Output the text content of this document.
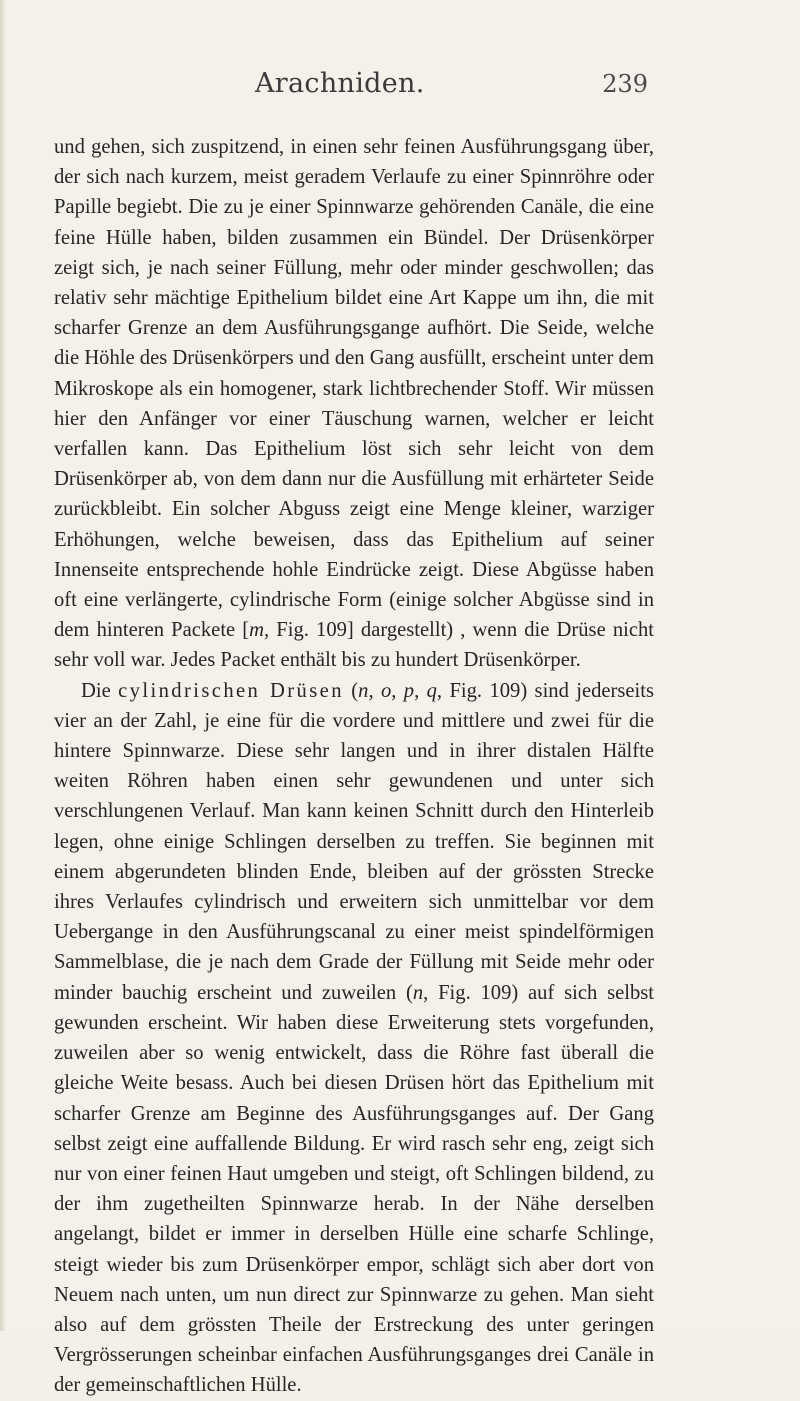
Arachniden.	239

und gehen, sich zuspitzend, in einen sehr feinen Ausführungsgang über, der sich nach kurzem, meist geradem Verlaufe zu einer Spinnröhre oder Papille begiebt. Die zu je einer Spinnwarze gehörenden Canäle, die eine feine Hülle haben, bilden zusammen ein Bündel. Der Drüsenkörper zeigt sich, je nach seiner Füllung, mehr oder minder geschwollen; das relativ sehr mächtige Epithelium bildet eine Art Kappe um ihn, die mit scharfer Grenze an dem Ausführungsgange aufhört. Die Seide, welche die Höhle des Drüsenkörpers und den Gang ausfüllt, erscheint unter dem Mikroskope als ein homogener, stark lichtbrechender Stoff. Wir müssen hier den Anfänger vor einer Täuschung warnen, welcher er leicht verfallen kann. Das Epithelium löst sich sehr leicht von dem Drüsenkörper ab, von dem dann nur die Ausfüllung mit erhärteter Seide zurückbleibt. Ein solcher Abguss zeigt eine Menge kleiner, warziger Erhöhungen, welche beweisen, dass das Epithelium auf seiner Innenseite entsprechende hohle Eindrücke zeigt. Diese Abgüsse haben oft eine verlängerte, cylindrische Form (einige solcher Abgüsse sind in dem hinteren Packete [m, Fig. 109] dargestellt) , wenn die Drüse nicht sehr voll war. Jedes Packet enthält bis zu hundert Drüsenkörper.

Die cylindrischen Drüsen (n, o, p, q, Fig. 109) sind jederseits vier an der Zahl, je eine für die vordere und mittlere und zwei für die hintere Spinnwarze. Diese sehr langen und in ihrer distalen Hälfte weiten Röhren haben einen sehr gewundenen und unter sich verschlungenen Verlauf. Man kann keinen Schnitt durch den Hinterleib legen, ohne einige Schlingen derselben zu treffen. Sie beginnen mit einem abgerundeten blinden Ende, bleiben auf der grössten Strecke ihres Verlaufes cylindrisch und erweitern sich unmittelbar vor dem Uebergange in den Ausführungscanal zu einer meist spindelförmigen Sammelblase, die je nach dem Grade der Füllung mit Seide mehr oder minder bauchig erscheint und zuweilen (n, Fig. 109) auf sich selbst gewunden erscheint. Wir haben diese Erweiterung stets vorgefunden, zuweilen aber so wenig entwickelt, dass die Röhre fast überall die gleiche Weite besass. Auch bei diesen Drüsen hört das Epithelium mit scharfer Grenze am Beginne des Ausführungsganges auf. Der Gang selbst zeigt eine auffallende Bildung. Er wird rasch sehr eng, zeigt sich nur von einer feinen Haut umgeben und steigt, oft Schlingen bildend, zu der ihm zugetheilten Spinnwarze herab. In der Nähe derselben angelangt, bildet er immer in derselben Hülle eine scharfe Schlinge, steigt wieder bis zum Drüsenkörper empor, schlägt sich aber dort von Neuem nach unten, um nun direct zur Spinnwarze zu gehen. Man sieht also auf dem grössten Theile der Erstreckung des unter geringen Vergrösserungen scheinbar einfachen Ausführungsganges drei Canäle in der gemeinschaftlichen Hülle.
